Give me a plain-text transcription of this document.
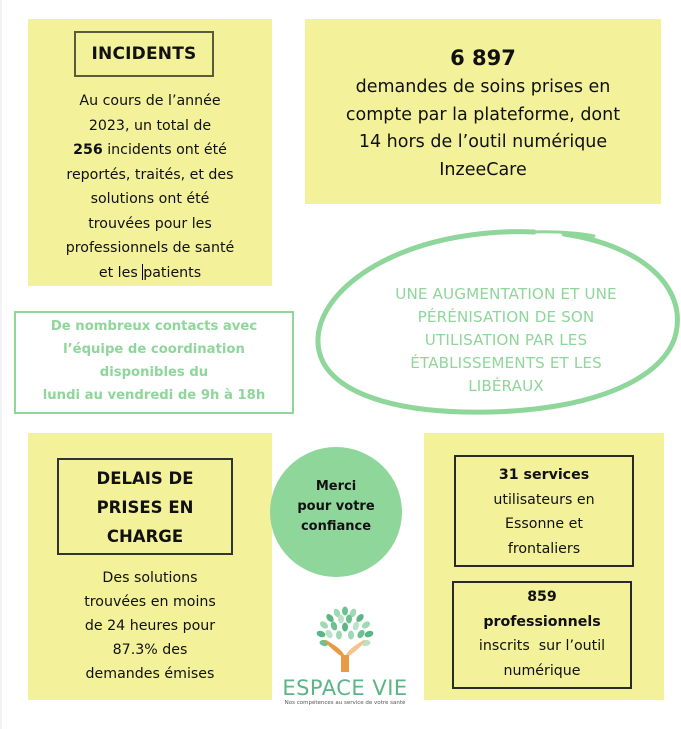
INCIDENTS
Au cours de l’année
2023, un total de
256 incidents ont été
reportés, traités, et des
solutions ont été
trouvées pour les
professionnels de santé
et les patients
6 897
demandes de soins prises en
compte par la plateforme, dont
14 hors de l’outil numérique
InzeeCare
De nombreux contacts avec
l’équipe de coordination
disponibles du
lundi au vendredi de 9h à 18h
UNE AUGMENTATION ET UNE
PÉRÉNISATION DE SON
UTILISATION PAR LES
ÉTABLISSEMENTS ET LES
LIBÉRAUX
DELAIS DE
PRISES EN
CHARGE
Des solutions
trouvées en moins
de 24 heures pour
87.3% des
demandes émises
Merci
pour votre
confiance
ESPACE VIE
Nos compétences au service de votre santé
31 services
utilisateurs en
Essonne et
frontaliers
859
professionnels
inscrits  sur l’outil
numérique
